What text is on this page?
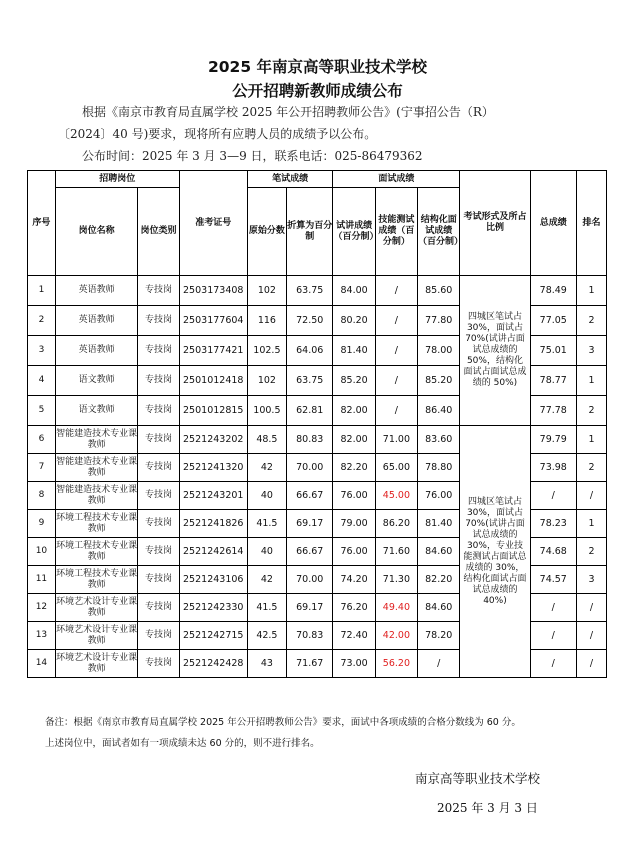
2025 年南京高等职业技术学校
公开招聘新教师成绩公布

根据《南京市教育局直属学校 2025 年公开招聘教师公告》(宁事招公告（R）

〔2024〕40 号)要求，现将所有应聘人员的成绩予以公布。

公布时间：2025 年 3 月 3—9 日，联系电话：025-86479362

序号	招聘岗位		准考证号	笔试成绩		面试成绩			考试形式及所占比例	总成绩	排名
	岗位名称	岗位类别		原始分数	折算为百分制	试讲成绩（百分制）	技能测试成绩（百分制）	结构化面试成绩（百分制）			
1	英语教师	专技岗	2503173408	102	63.75	84.00	/	85.60	四城区笔试占 30%，面试占 70%(试讲占面试总成绩的 50%，结构化面试占面试总成绩的 50%)	78.49	1
2	英语教师	专技岗	2503177604	116	72.50	80.20	/	77.80		77.05	2
3	英语教师	专技岗	2503177421	102.5	64.06	81.40	/	78.00		75.01	3
4	语文教师	专技岗	2501012418	102	63.75	85.20	/	85.20		78.77	1
5	语文教师	专技岗	2501012815	100.5	62.81	82.00	/	86.40		77.78	2
6	智能建造技术专业课教师	专技岗	2521243202	48.5	80.83	82.00	71.00	83.60	四城区笔试占 30%，面试占 70%(试讲占面试总成绩的 30%，专业技能测试占面试总成绩的 30%，结构化面试占面试总成绩的 40%)	79.79	1
7	智能建造技术专业课教师	专技岗	2521241320	42	70.00	82.20	65.00	78.80		73.98	2
8	智能建造技术专业课教师	专技岗	2521243201	40	66.67	76.00	45.00	76.00		/	/
9	环境工程技术专业课教师	专技岗	2521241826	41.5	69.17	79.00	86.20	81.40		78.23	1
10	环境工程技术专业课教师	专技岗	2521242614	40	66.67	76.00	71.60	84.60		74.68	2
11	环境工程技术专业课教师	专技岗	2521243106	42	70.00	74.20	71.30	82.20		74.57	3
12	环境艺术设计专业课教师	专技岗	2521242330	41.5	69.17	76.20	49.40	84.60		/	/
13	环境艺术设计专业课教师	专技岗	2521242715	42.5	70.83	72.40	42.00	78.20		/	/
14	环境艺术设计专业课教师	专技岗	2521242428	43	71.67	73.00	56.20	/		/	/

备注：根据《南京市教育局直属学校 2025 年公开招聘教师公告》要求，面试中各项成绩的合格分数线为 60 分。

上述岗位中，面试者如有一项成绩未达 60 分的，则不进行排名。

南京高等职业技术学校
2025 年 3 月 3 日
